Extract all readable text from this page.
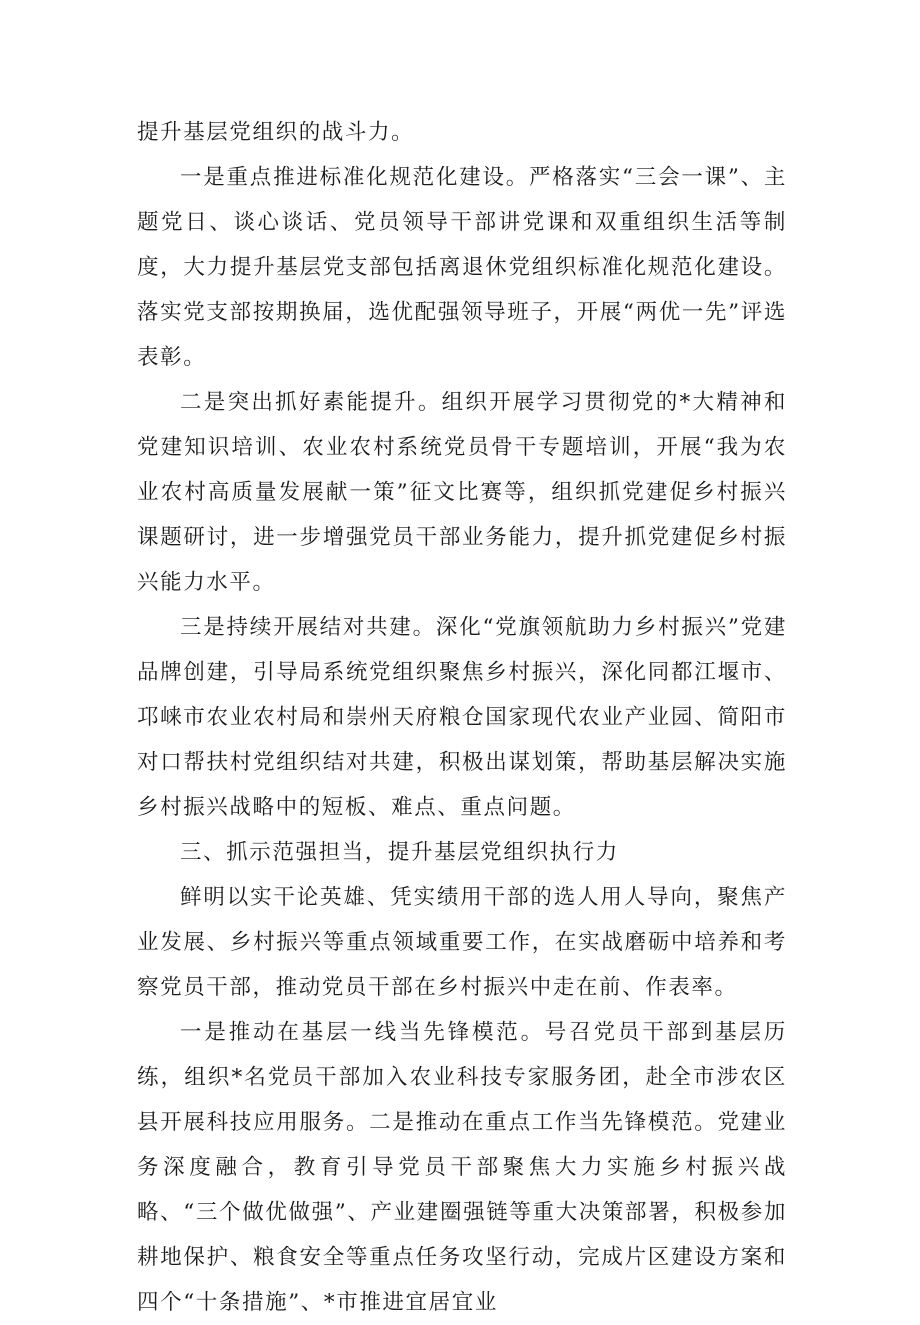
提升基层党组织的战斗力。

一是重点推进标准化规范化建设。严格落实“三会一课”、主题党日、谈心谈话、党员领导干部讲党课和双重组织生活等制度，大力提升基层党支部包括离退休党组织标准化规范化建设。落实党支部按期换届，选优配强领导班子，开展“两优一先”评选表彰。

二是突出抓好素能提升。组织开展学习贯彻党的*大精神和党建知识培训、农业农村系统党员骨干专题培训，开展“我为农业农村高质量发展献一策”征文比赛等，组织抓党建促乡村振兴课题研讨，进一步增强党员干部业务能力，提升抓党建促乡村振兴能力水平。

三是持续开展结对共建。深化“党旗领航助力乡村振兴”党建品牌创建，引导局系统党组织聚焦乡村振兴，深化同都江堰市、邛崃市农业农村局和崇州天府粮仓国家现代农业产业园、简阳市对口帮扶村党组织结对共建，积极出谋划策，帮助基层解决实施乡村振兴战略中的短板、难点、重点问题。

三、抓示范强担当，提升基层党组织执行力

鲜明以实干论英雄、凭实绩用干部的选人用人导向，聚焦产业发展、乡村振兴等重点领域重要工作，在实战磨砺中培养和考察党员干部，推动党员干部在乡村振兴中走在前、作表率。

一是推动在基层一线当先锋模范。号召党员干部到基层历练，组织*名党员干部加入农业科技专家服务团，赴全市涉农区县开展科技应用服务。二是推动在重点工作当先锋模范。党建业务深度融合，教育引导党员干部聚焦大力实施乡村振兴战略、“三个做优做强”、产业建圈强链等重大决策部署，积极参加耕地保护、粮食安全等重点任务攻坚行动，完成片区建设方案和四个“十条措施”、*市推进宜居宜业
